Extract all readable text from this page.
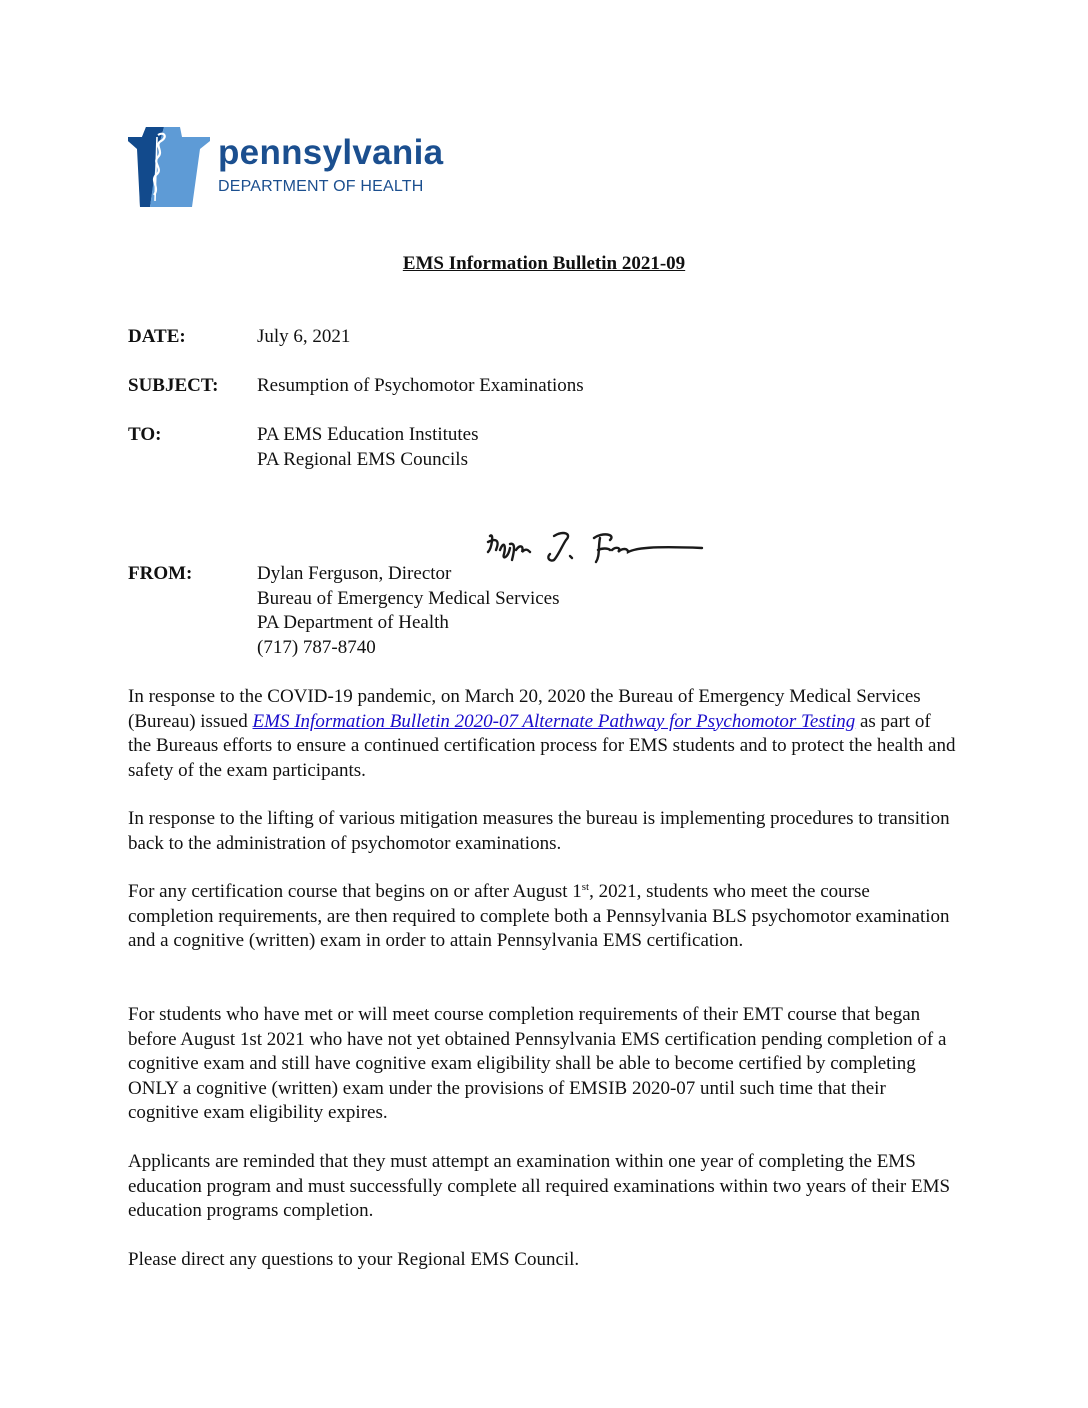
pennsylvania
DEPARTMENT OF HEALTH
EMS Information Bulletin 2021-09
DATE:	July 6, 2021
SUBJECT:	Resumption of Psychomotor Examinations
TO:	PA EMS Education Institutes
PA Regional EMS Councils
FROM:	Dylan Ferguson, Director
Bureau of Emergency Medical Services
PA Department of Health
(717) 787-8740
In response to the COVID-19 pandemic, on March 20, 2020 the Bureau of Emergency Medical Services (Bureau) issued EMS Information Bulletin 2020-07 Alternate Pathway for Psychomotor Testing as part of the Bureaus efforts to ensure a continued certification process for EMS students and to protect the health and safety of the exam participants.
In response to the lifting of various mitigation measures the bureau is implementing procedures to transition back to the administration of psychomotor examinations.
For any certification course that begins on or after August 1st, 2021, students who meet the course completion requirements, are then required to complete both a Pennsylvania BLS psychomotor examination and a cognitive (written) exam in order to attain Pennsylvania EMS certification.
For students who have met or will meet course completion requirements of their EMT course that began before August 1st 2021 who have not yet obtained Pennsylvania EMS certification pending completion of a cognitive exam and still have cognitive exam eligibility shall be able to become certified by completing ONLY a cognitive (written) exam under the provisions of EMSIB 2020-07 until such time that their cognitive exam eligibility expires.
Applicants are reminded that they must attempt an examination within one year of completing the EMS education program and must successfully complete all required examinations within two years of their EMS education programs completion.
Please direct any questions to your Regional EMS Council.
